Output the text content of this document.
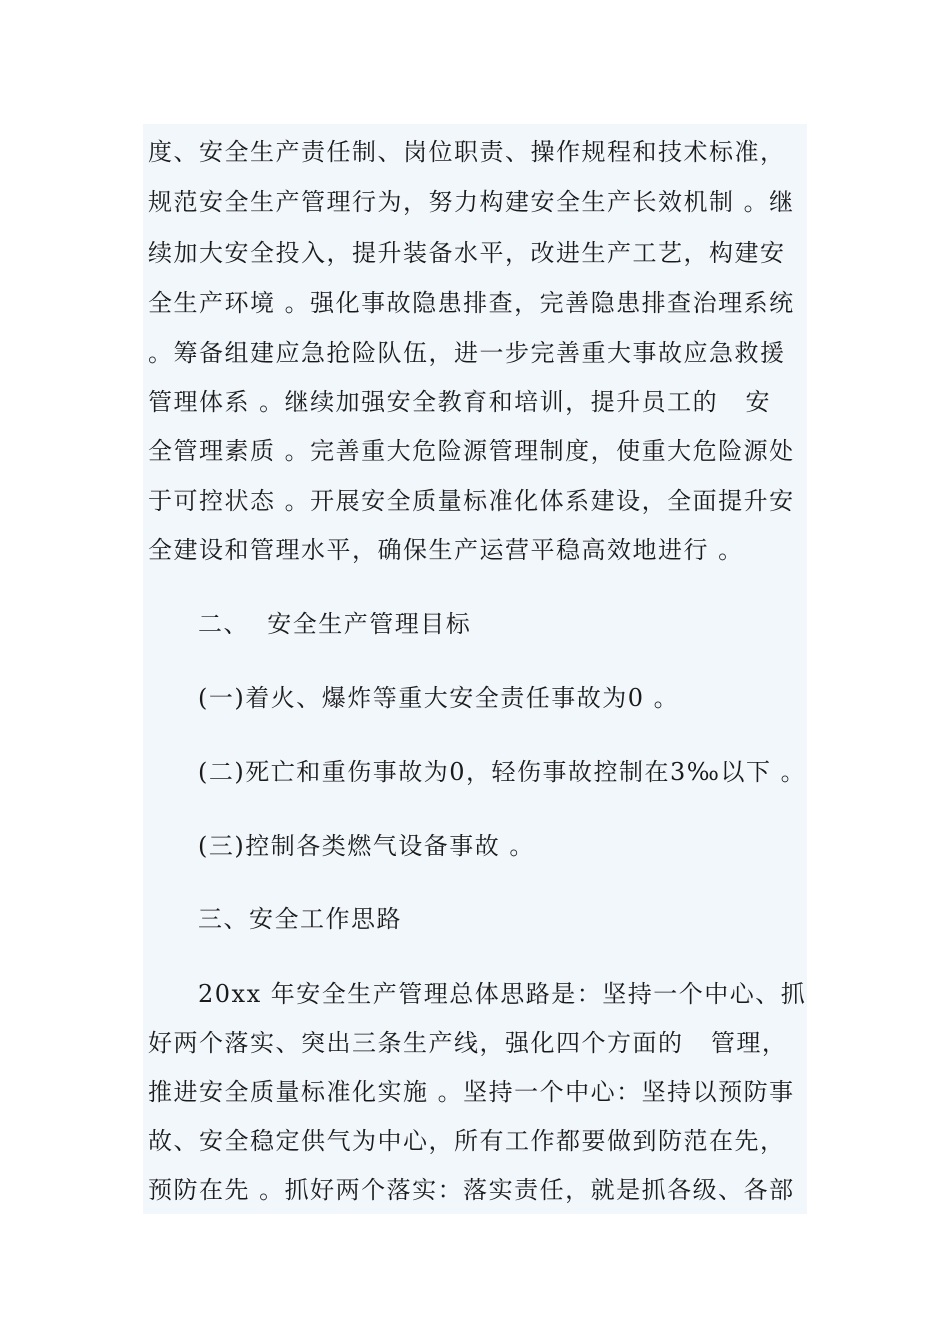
度、安全生产责任制、岗位职责、操作规程和技术标准，
规范安全生产管理行为，努力构建安全生产长效机制 。继
续加大安全投入，提升装备水平，改进生产工艺，构建安
全生产环境 。强化事故隐患排查，完善隐患排查治理系统
。筹备组建应急抢险队伍，进一步完善重大事故应急救援
管理体系 。继续加强安全教育和培训，提升员工的   安
全管理素质 。完善重大危险源管理制度，使重大危险源处
于可控状态 。开展安全质量标准化体系建设，全面提升安
全建设和管理水平，确保生产运营平稳高效地进行 。
二、  安全生产管理目标
(一)着火、爆炸等重大安全责任事故为0 。
(二)死亡和重伤事故为0，轻伤事故控制在3‰以下 。
(三)控制各类燃气设备事故 。
三、安全工作思路
20xx 年安全生产管理总体思路是：坚持一个中心、抓
好两个落实、突出三条生产线，强化四个方面的   管理，
推进安全质量标准化实施 。坚持一个中心：坚持以预防事
故、安全稳定供气为中心，所有工作都要做到防范在先，
预防在先 。抓好两个落实：落实责任，就是抓各级、各部
